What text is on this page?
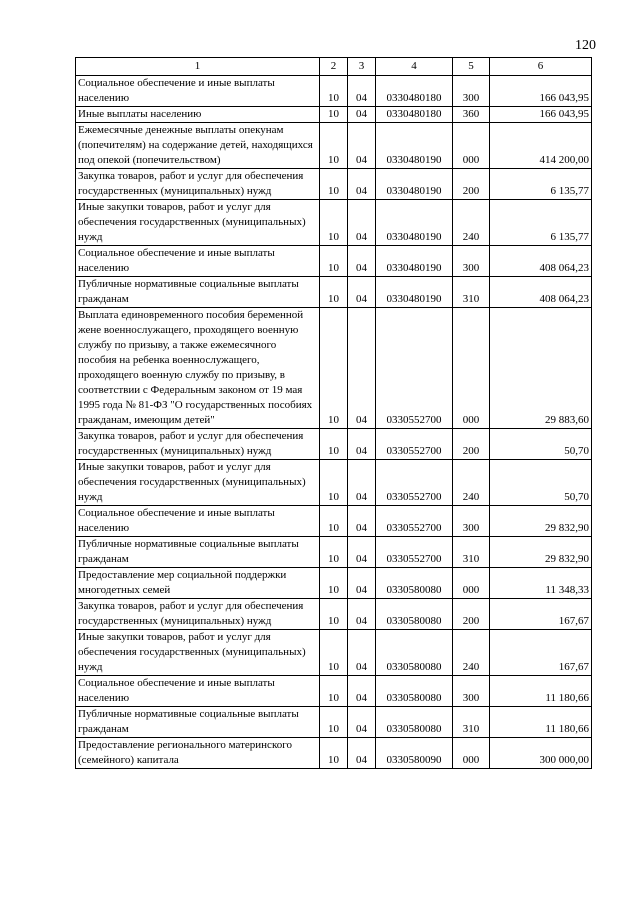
120
1	2	3	4	5	6
Социальное обеспечение и иные выплаты населению	10	04	0330480180	300	166 043,95
Иные выплаты населению	10	04	0330480180	360	166 043,95
Ежемесячные денежные выплаты опекунам (попечителям) на содержание детей, находящихся под опекой (попечительством)	10	04	0330480190	000	414 200,00
Закупка товаров, работ и услуг для обеспечения государственных (муниципальных) нужд	10	04	0330480190	200	6 135,77
Иные закупки товаров, работ и услуг для обеспечения государственных (муниципальных) нужд	10	04	0330480190	240	6 135,77
Социальное обеспечение и иные выплаты населению	10	04	0330480190	300	408 064,23
Публичные нормативные социальные выплаты гражданам	10	04	0330480190	310	408 064,23
Выплата единовременного пособия беременной жене военнослужащего, проходящего военную службу по призыву, а также ежемесячного пособия на ребенка военнослужащего, проходящего военную службу по призыву, в соответствии с Федеральным законом от 19 мая 1995 года № 81-ФЗ "О государственных пособиях гражданам, имеющим детей"	10	04	0330552700	000	29 883,60
Закупка товаров, работ и услуг для обеспечения государственных (муниципальных) нужд	10	04	0330552700	200	50,70
Иные закупки товаров, работ и услуг для обеспечения государственных (муниципальных) нужд	10	04	0330552700	240	50,70
Социальное обеспечение и иные выплаты населению	10	04	0330552700	300	29 832,90
Публичные нормативные социальные выплаты гражданам	10	04	0330552700	310	29 832,90
Предоставление мер социальной поддержки многодетных семей	10	04	0330580080	000	11 348,33
Закупка товаров, работ и услуг для обеспечения государственных (муниципальных) нужд	10	04	0330580080	200	167,67
Иные закупки товаров, работ и услуг для обеспечения государственных (муниципальных) нужд	10	04	0330580080	240	167,67
Социальное обеспечение и иные выплаты населению	10	04	0330580080	300	11 180,66
Публичные нормативные социальные выплаты гражданам	10	04	0330580080	310	11 180,66
Предоставление регионального материнского (семейного) капитала	10	04	0330580090	000	300 000,00
